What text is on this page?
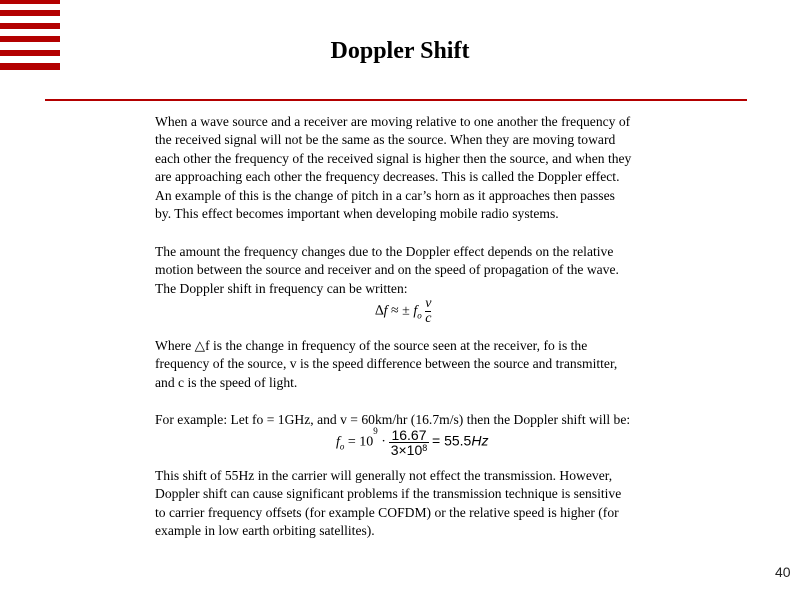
Doppler Shift
When a wave source and a receiver are moving relative to one another the frequency of
the received signal will not be the same as the source. When they are moving toward
each other the frequency of the received signal is higher then the source, and when they
are approaching each other the frequency decreases. This is called the Doppler effect.
An example of this is the change of pitch in a car’s horn as it approaches then passes
by. This effect becomes important when developing mobile radio systems.
The amount the frequency changes due to the Doppler effect depends on the relative
motion between the source and receiver and on the speed of propagation of the wave.
The Doppler shift in frequency can be written:
∆f ≈ ± $f_o \frac{v}{c}$
Where △f is the change in frequency of the source seen at the receiver, fo is the
frequency of the source, v is the speed difference between the source and transmitter,
and c is the speed of light.
For example: Let fo = 1GHz, and v = 60km/hr (16.7m/s) then the Doppler shift will be:
$f_o = 10^9 \cdot \frac{16.67}{3\times 10^8} = 55.5Hz$
This shift of 55Hz in the carrier will generally not effect the transmission. However,
Doppler shift can cause significant problems if the transmission technique is sensitive
to carrier frequency offsets (for example COFDM) or the relative speed is higher (for
example in low earth orbiting satellites).
40
